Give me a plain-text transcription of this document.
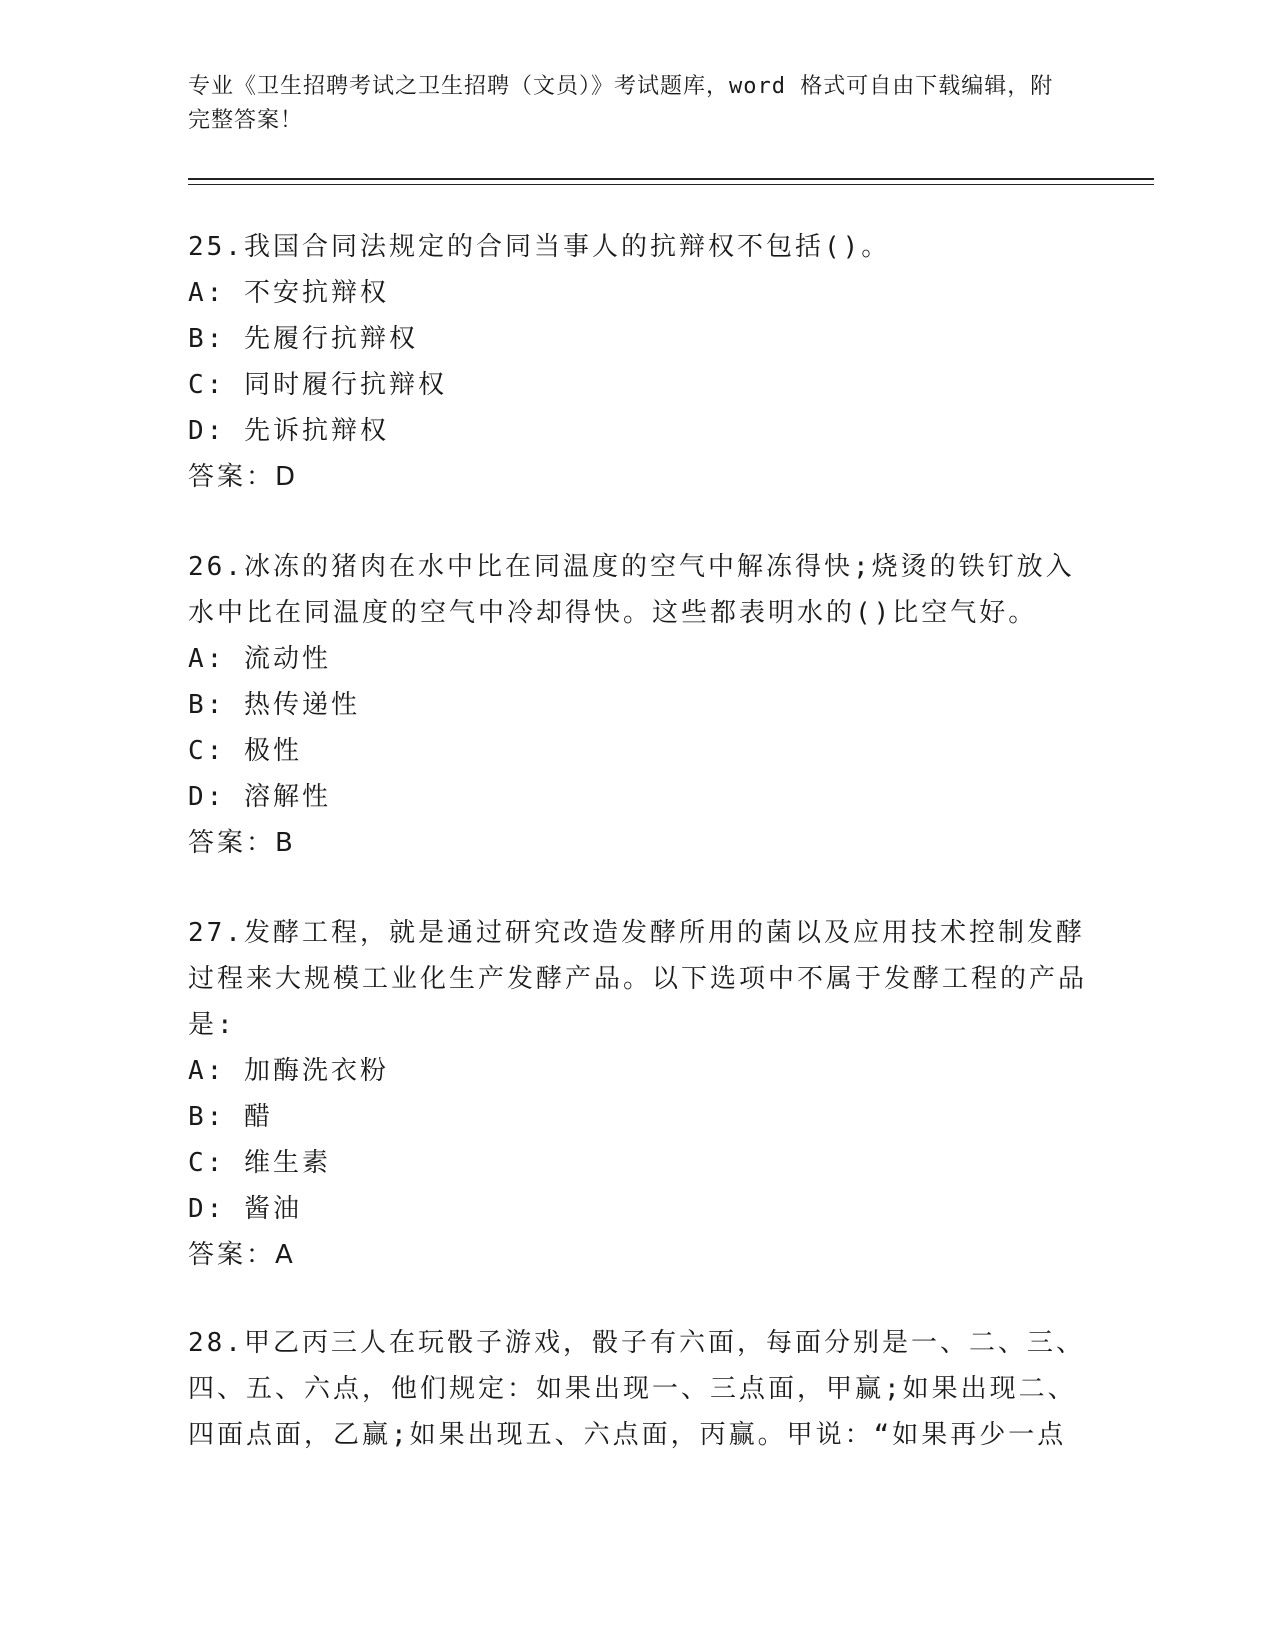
专业《卫生招聘考试之卫生招聘（文员）》考试题库，word 格式可自由下载编辑，附完整答案！

25.我国合同法规定的合同当事人的抗辩权不包括()。

A: 不安抗辩权

B: 先履行抗辩权

C: 同时履行抗辩权

D: 先诉抗辩权

答案：D

26.冰冻的猪肉在水中比在同温度的空气中解冻得快;烧烫的铁钉放入水中比在同温度的空气中冷却得快。这些都表明水的()比空气好。

A: 流动性

B: 热传递性

C: 极性

D: 溶解性

答案：B

27.发酵工程，就是通过研究改造发酵所用的菌以及应用技术控制发酵过程来大规模工业化生产发酵产品。以下选项中不属于发酵工程的产品是:

A: 加酶洗衣粉

B: 醋

C: 维生素

D: 酱油

答案：A

28.甲乙丙三人在玩骰子游戏，骰子有六面，每面分别是一、二、三、四、五、六点，他们规定：如果出现一、三点面，甲赢;如果出现二、四面点面，乙赢;如果出现五、六点面，丙赢。甲说：“如果再少一点
